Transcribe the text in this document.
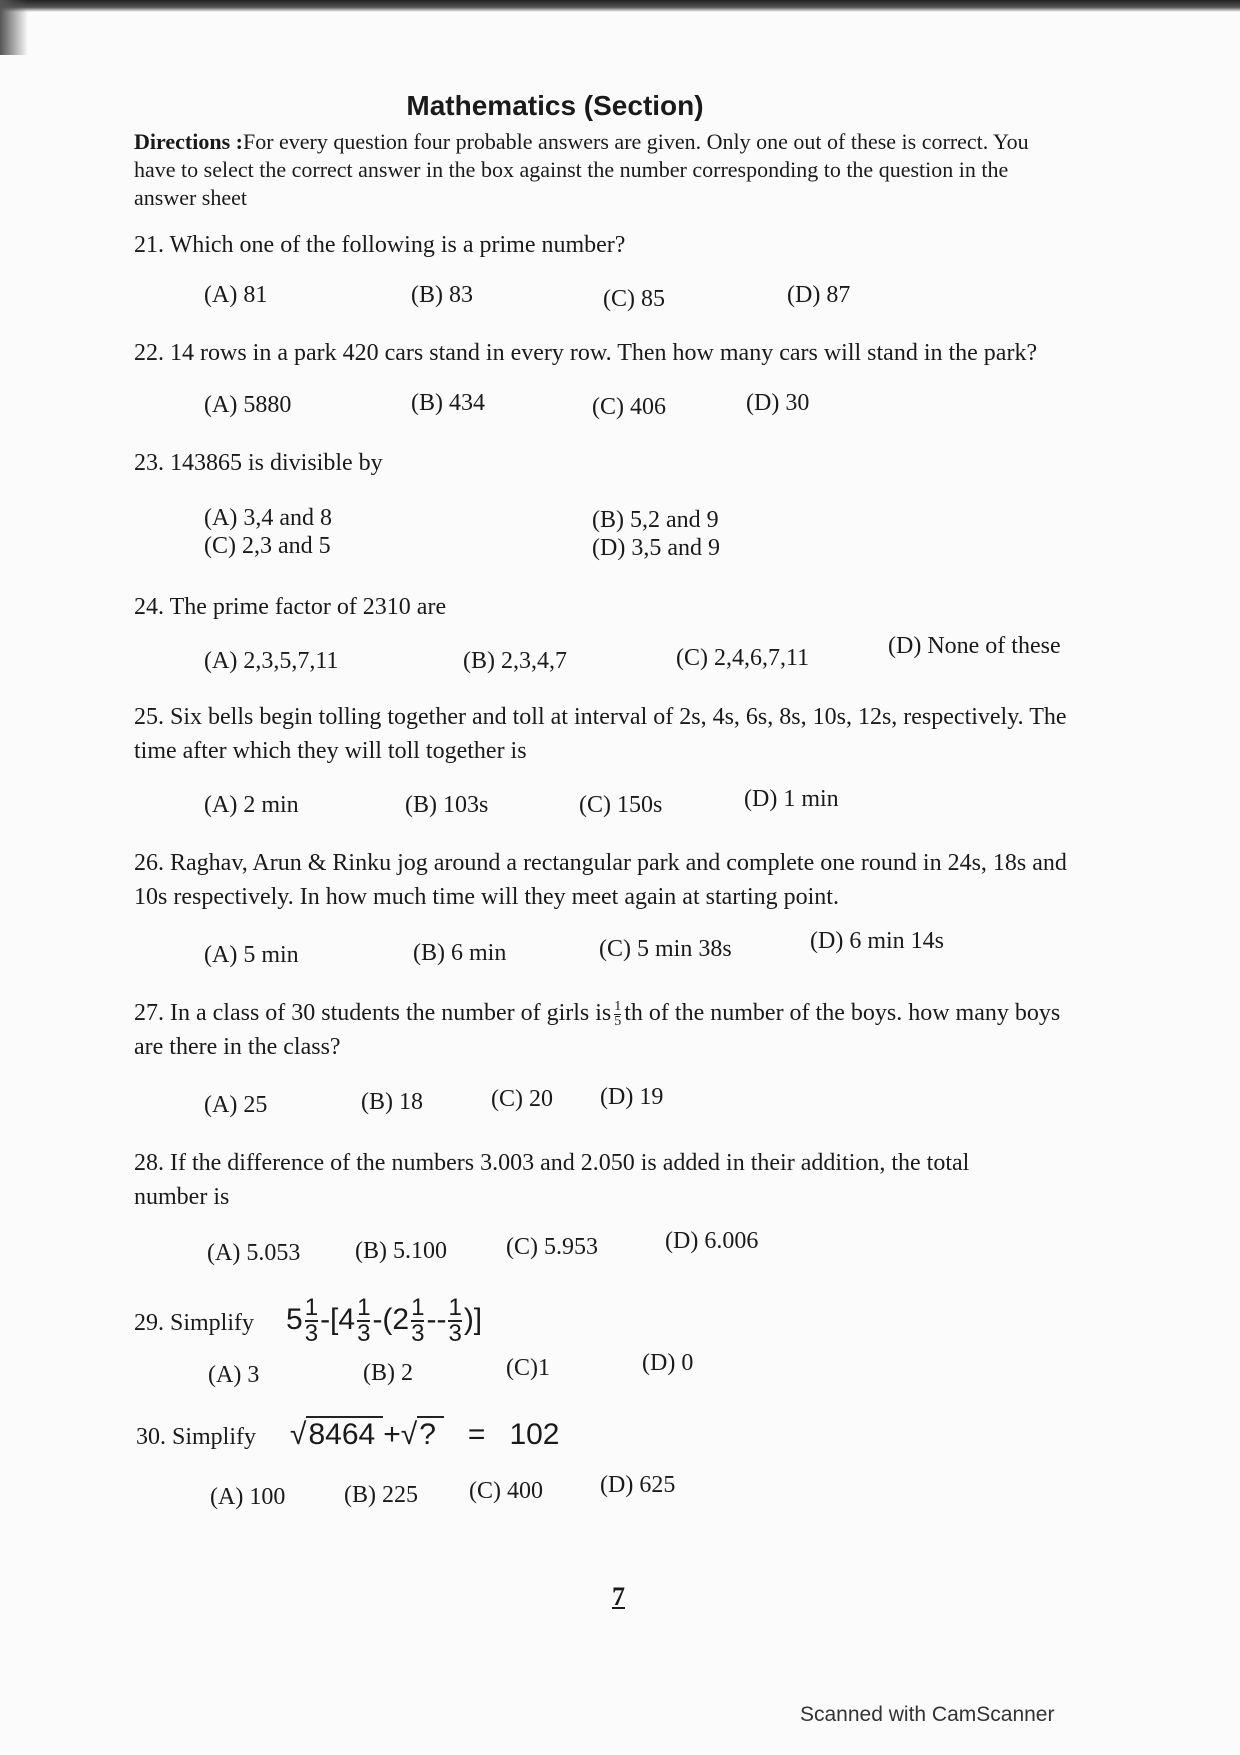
Mathematics (Section)
Directions :For every question four probable answers are given. Only one out of these is correct. You have to select the correct answer in the box against the number corresponding to the question in the answer sheet
21. Which one of the following is a prime number?
(A) 81	(B) 83	(C) 85	(D) 87
22. 14 rows in a park 420 cars stand in every row. Then how many cars will stand in the park?
(A) 5880	(B) 434	(C) 406	(D) 30
23. 143865 is divisible by
(A) 3,4 and 8	(B) 5,2 and 9
(C) 2,3 and 5	(D) 3,5 and 9
24. The prime factor of 2310 are
(A) 2,3,5,7,11	(B) 2,3,4,7	(C) 2,4,6,7,11	(D) None of these
25. Six bells begin tolling together and toll at interval of 2s, 4s, 6s, 8s, 10s, 12s, respectively. The time after which they will toll together is
(A) 2 min	(B) 103s	(C) 150s	(D) 1 min
26. Raghav, Arun & Rinku jog around a rectangular park and complete one round in 24s, 18s and 10s respectively. In how much time will they meet again at starting point.
(A) 5 min	(B) 6 min	(C) 5 min 38s	(D) 6 min 14s
27. In a class of 30 students the number of girls is $\frac{1}{5}$ th of the number of the boys. how many boys are there in the class?
(A) 25	(B) 18	(C) 20 (D) 19
28. If the difference of the numbers 3.003 and 2.050 is added in their addition, the total number is
(A) 5.053 (B) 5.100 (C) 5.953	(D) 6.006
29. Simplify $5 \frac{1}{3} -[4 \frac{1}{3} -(2 \frac{1}{3} -- \frac{1}{3}$ )]
(A) 3	(B) 2	(C)1	(D) 0
30. Simplify √8464 +√? = 102
(A) 100 (B) 225 (C) 400 (D) 625
7
Scanned with CamScanner
